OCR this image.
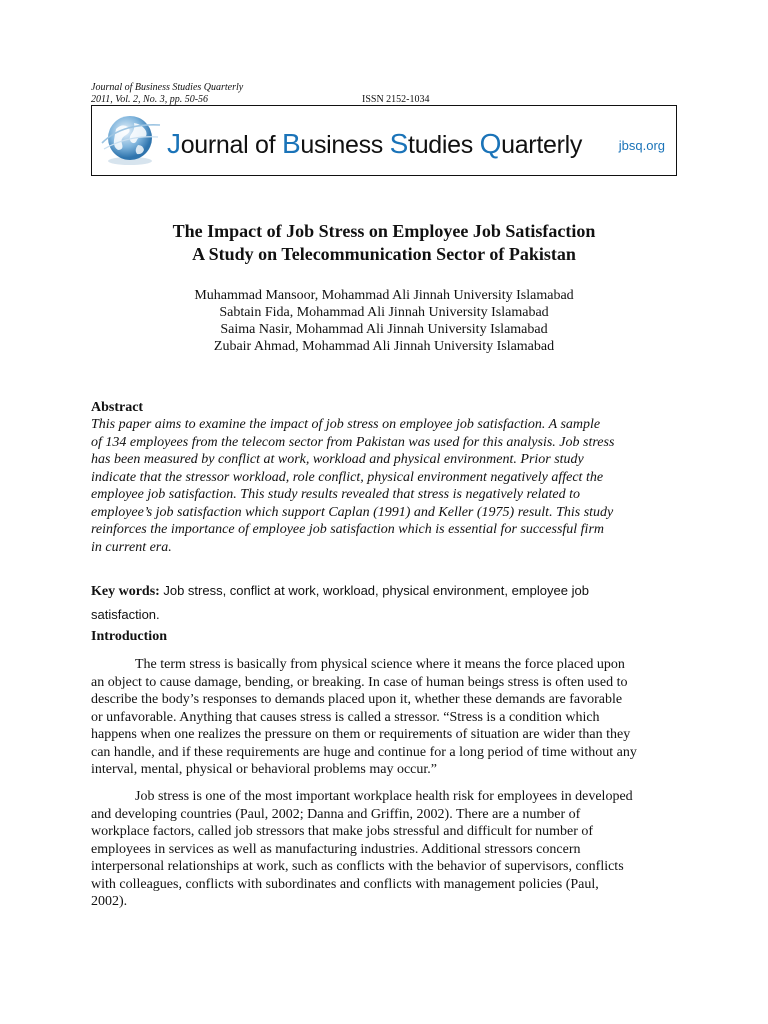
Journal of Business Studies Quarterly
2011, Vol. 2, No. 3, pp. 50-56	ISSN 2152-1034
Journal of Business Studies Quarterly	jbsq.org
The Impact of Job Stress on Employee Job Satisfaction
A Study on Telecommunication Sector of Pakistan
Muhammad Mansoor, Mohammad Ali Jinnah University Islamabad
Sabtain Fida, Mohammad Ali Jinnah University Islamabad
Saima Nasir, Mohammad Ali Jinnah University Islamabad
Zubair Ahmad, Mohammad Ali Jinnah University Islamabad
Abstract
This paper aims to examine the impact of job stress on employee job satisfaction. A sample
of 134 employees from the telecom sector from Pakistan was used for this analysis. Job stress
has been measured by conflict at work, workload and physical environment. Prior study
indicate that the stressor workload, role conflict, physical environment negatively affect the
employee job satisfaction. This study results revealed that stress is negatively related to
employee’s job satisfaction which support Caplan (1991) and Keller (1975) result. This study
reinforces the importance of employee job satisfaction which is essential for successful firm
in current era.
Key words: Job stress, conflict at work, workload, physical environment, employee job satisfaction.
Introduction
The term stress is basically from physical science where it means the force placed upon
an object to cause damage, bending, or breaking. In case of human beings stress is often used to
describe the body’s responses to demands placed upon it, whether these demands are favorable
or unfavorable. Anything that causes stress is called a stressor. “Stress is a condition which
happens when one realizes the pressure on them or requirements of situation are wider than they
can handle, and if these requirements are huge and continue for a long period of time without any
interval, mental, physical or behavioral problems may occur.”
Job stress is one of the most important workplace health risk for employees in developed
and developing countries (Paul, 2002; Danna and Griffin, 2002). There are a number of
workplace factors, called job stressors that make jobs stressful and difficult for number of
employees in services as well as manufacturing industries. Additional stressors concern
interpersonal relationships at work, such as conflicts with the behavior of supervisors, conflicts
with colleagues, conflicts with subordinates and conflicts with management policies (Paul,
2002).
